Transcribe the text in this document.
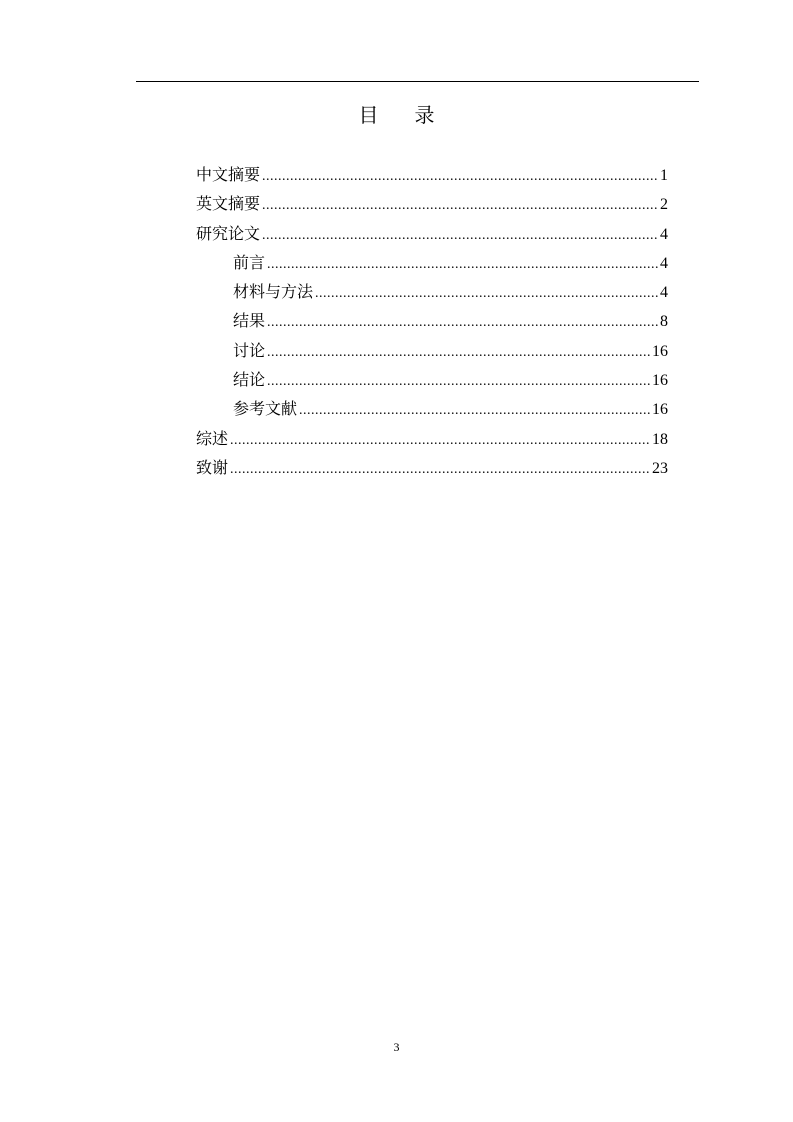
目录
中文摘要 .....	1
英文摘要 .....	2
研究论文 .....	4
前言 .....	4
材料与方法 .....	4
结果 .....	8
讨论 .....	16
结论 .....	16
参考文献 .....	16
综述 .....	18
致谢 .....	23
3
